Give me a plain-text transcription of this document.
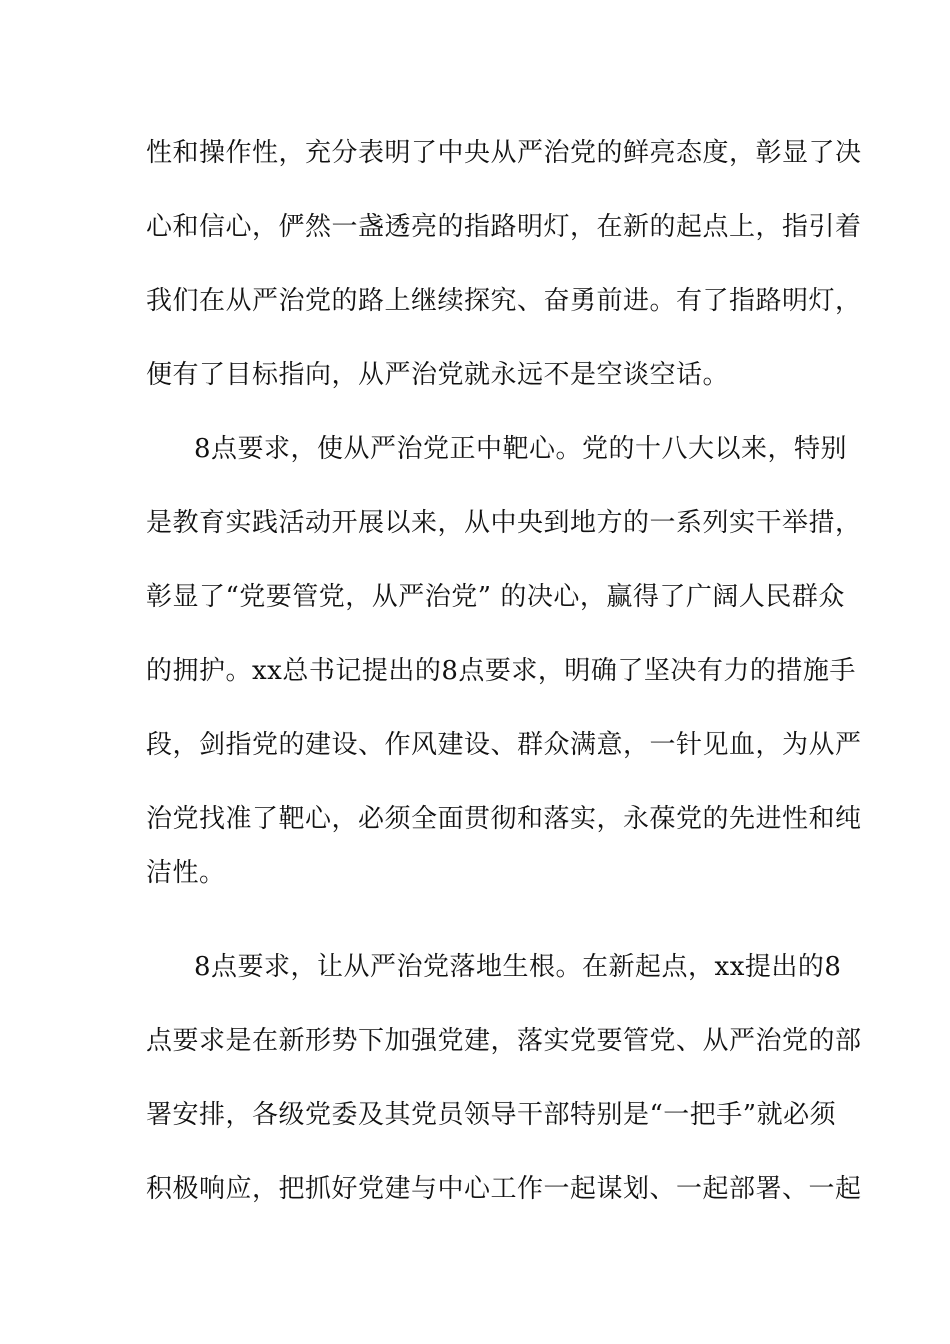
性和操作性，充分表明了中央从严治党的鲜亮态度，彰显了决
心和信心，俨然一盏透亮的指路明灯，在新的起点上，指引着
我们在从严治党的路上继续探究、奋勇前进。有了指路明灯，
便有了目标指向，从严治党就永远不是空谈空话。
8点要求，使从严治党正中靶心。党的十八大以来，特别
是教育实践活动开展以来，从中央到地方的一系列实干举措，
彰显了“党要管党，从严治党” 的决心，赢得了广阔人民群众
的拥护。xx总书记提出的8点要求，明确了坚决有力的措施手
段，剑指党的建设、作风建设、群众满意，一针见血，为从严
治党找准了靶心，必须全面贯彻和落实，永葆党的先进性和纯
洁性。
8点要求，让从严治党落地生根。在新起点，xx提出的8
点要求是在新形势下加强党建，落实党要管党、从严治党的部
署安排，各级党委及其党员领导干部特别是“一把手”就必须
积极响应，把抓好党建与中心工作一起谋划、一起部署、一起
